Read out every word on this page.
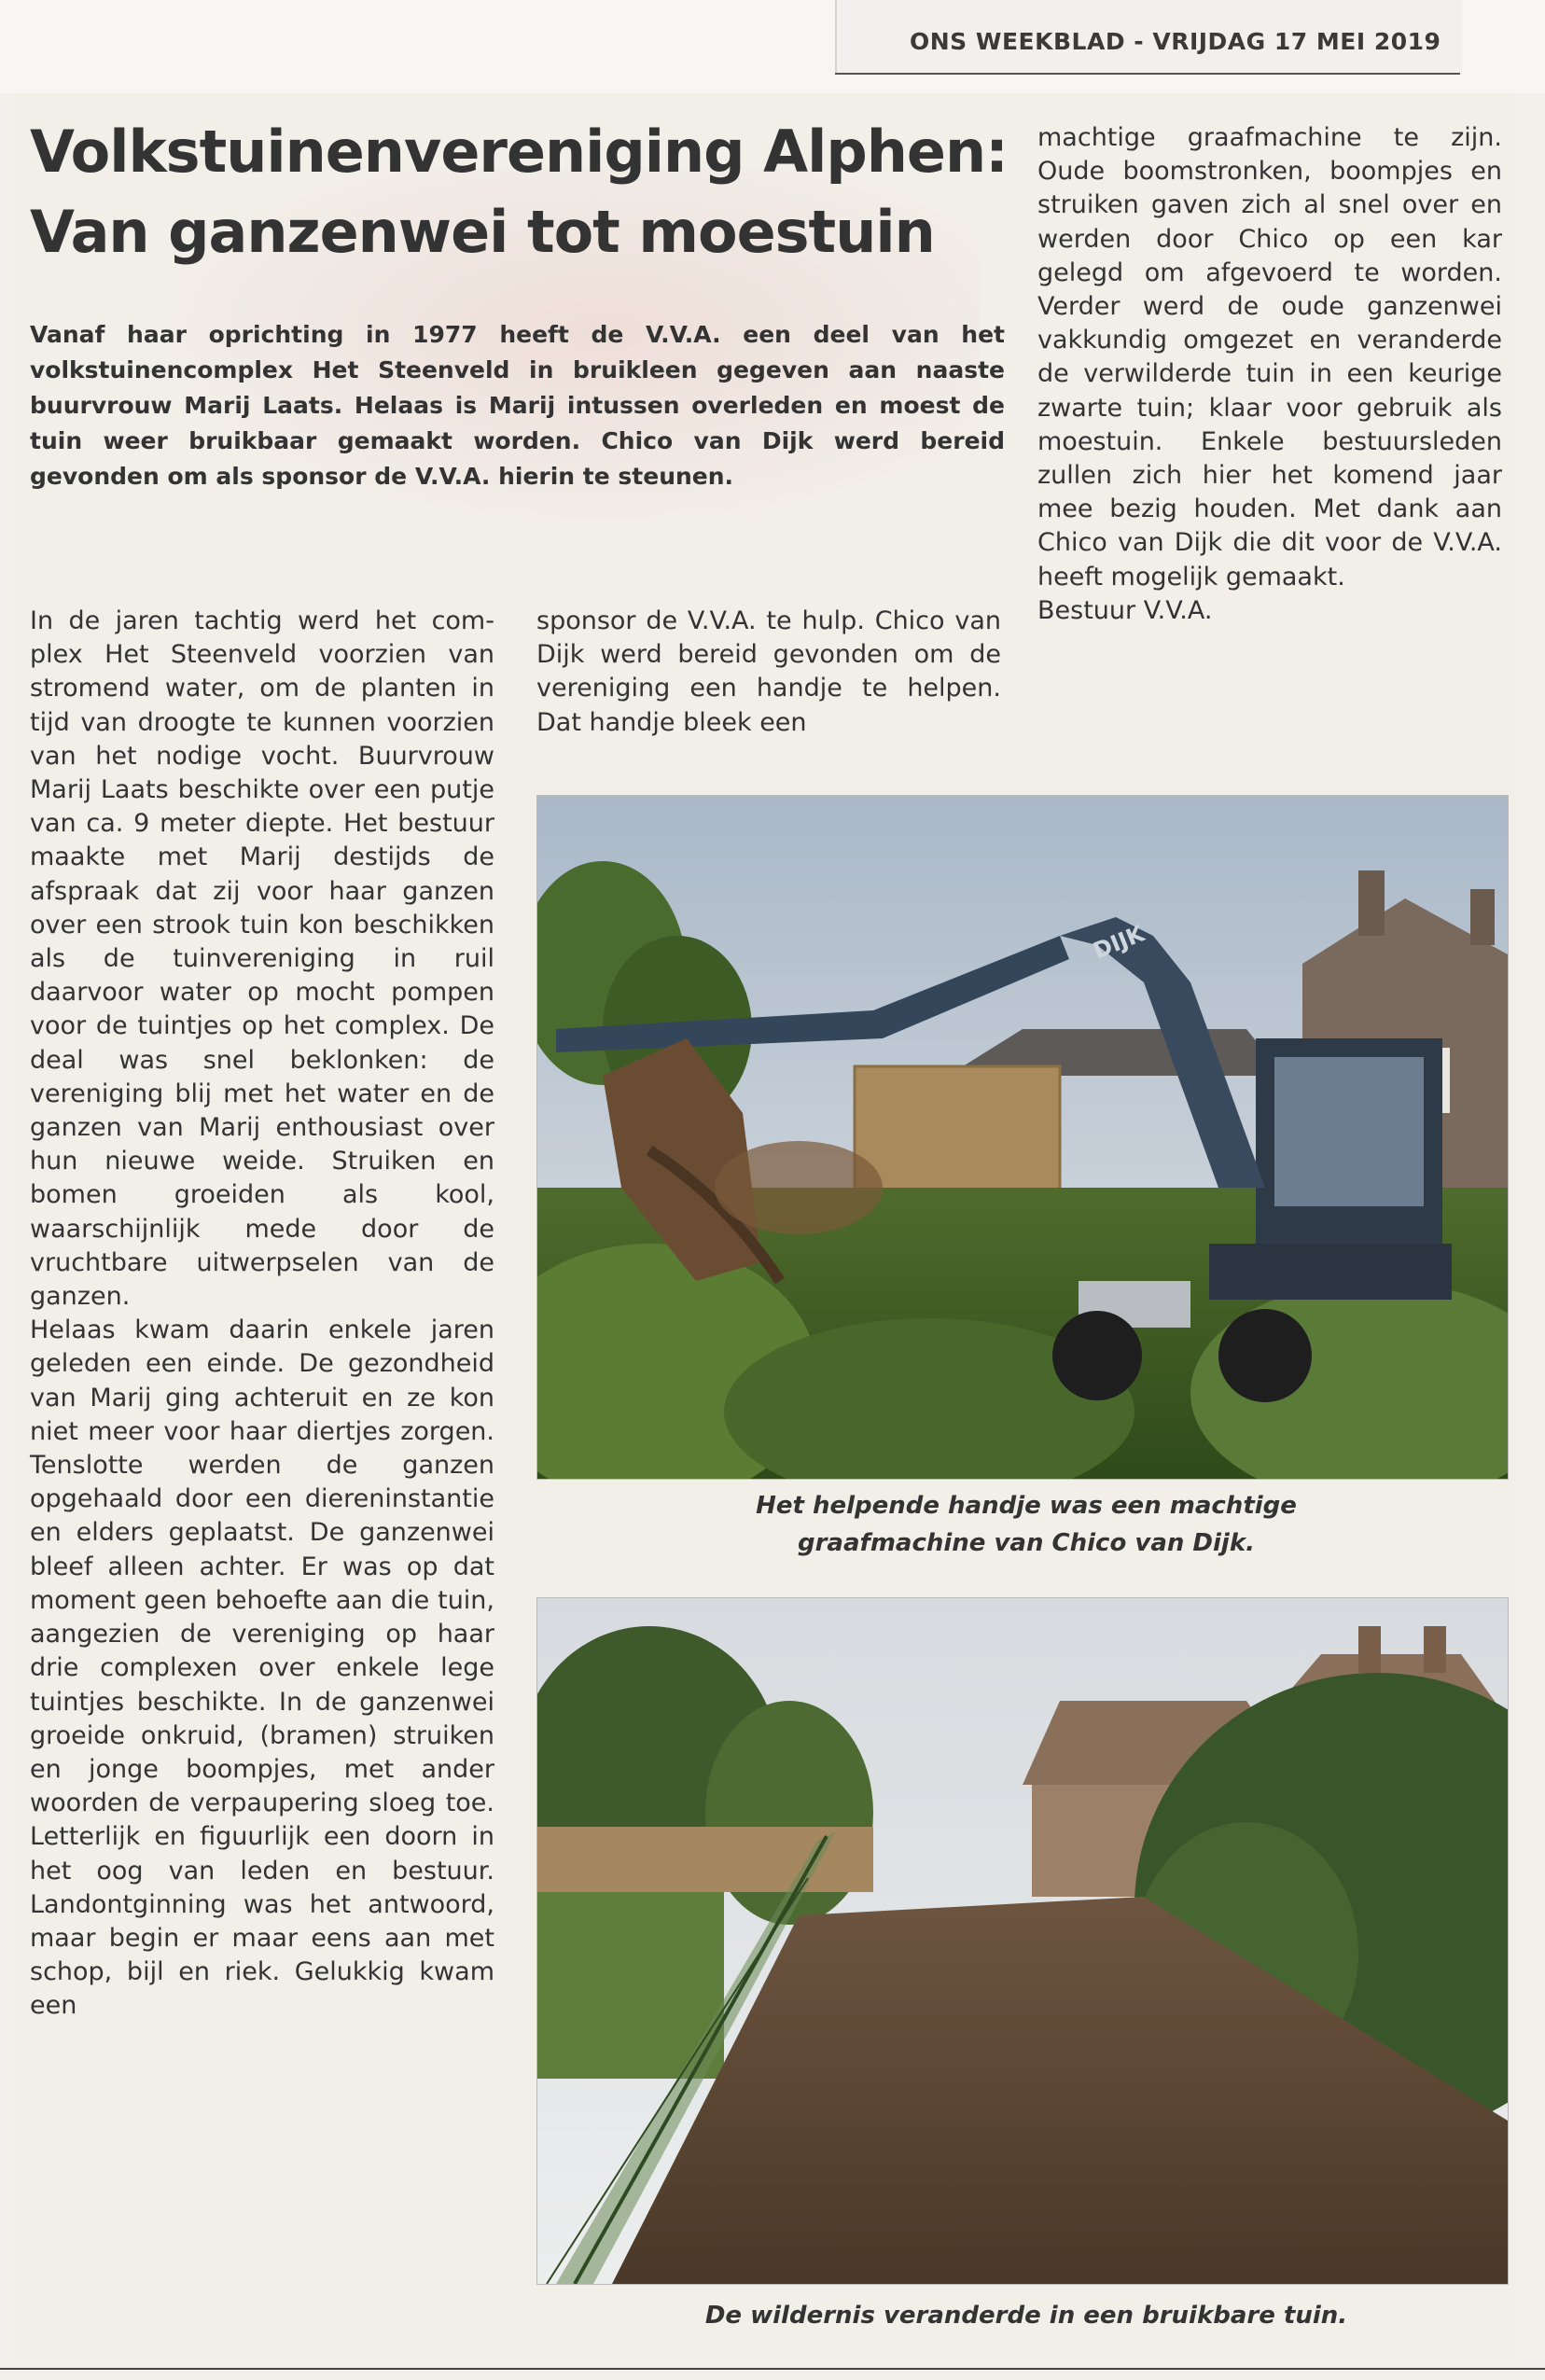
ONS WEEKBLAD - VRIJDAG 17 MEI 2019
Volkstuinenvereniging Alphen:
Van ganzenwei tot moestuin
Vanaf haar oprichting in 1977 heeft de V.V.A. een deel van het volkstuinencomplex Het Steenveld in bruikleen gegeven aan naaste buurvrouw Marij Laats. Helaas is Marij intussen overleden en moest de tuin weer bruikbaar gemaakt worden. Chico van Dijk werd bereid gevonden om als sponsor de V.V.A. hierin te steunen.

In de jaren tachtig werd het complex Het Steenveld voorzien van stromend water, om de planten in tijd van droogte te kunnen voorzien van het nodige vocht. Buurvrouw Marij Laats beschikte over een putje van ca. 9 meter diepte. Het bestuur maakte met Marij destijds de afspraak dat zij voor haar ganzen over een strook tuin kon beschikken als de tuinvereniging in ruil daarvoor water op mocht pompen voor de tuintjes op het complex. De deal was snel beklonken: de vereniging blij met het water en de ganzen van Marij enthousiast over hun nieuwe weide. Struiken en bomen groeiden als kool, waarschijnlijk mede door de vruchtbare uitwerpselen van de ganzen.

Helaas kwam daarin enkele jaren geleden een einde. De gezondheid van Marij ging achteruit en ze kon niet meer voor haar diertjes zorgen. Tenslotte werden de ganzen opgehaald door een diereninstantie en elders geplaatst. De ganzenwei bleef alleen achter. Er was op dat moment geen behoefte aan die tuin, aangezien de vereniging op haar drie complexen over enkele lege tuintjes beschikte. In de ganzenwei groeide onkruid, (bramen) struiken en jonge boompjes, met ander woorden de verpaupering sloeg toe. Letterlijk en figuurlijk een doorn in het oog van leden en bestuur. Landontginning was het antwoord, maar begin er maar eens aan met schop, bijl en riek. Gelukkig kwam een

sponsor de V.V.A. te hulp. Chico van Dijk werd bereid gevonden om de vereniging een handje te helpen. Dat handje bleek een

machtige graafmachine te zijn. Oude boomstronken, boompjes en struiken gaven zich al snel over en werden door Chico op een kar gelegd om afgevoerd te worden. Verder werd de oude ganzenwei vakkundig omgezet en veranderde de verwilderde tuin in een keurige zwarte tuin; klaar voor gebruik als moestuin. Enkele bestuursleden zullen zich hier het komend jaar mee bezig houden. Met dank aan Chico van Dijk die dit voor de V.V.A. heeft mogelijk gemaakt.

Bestuur V.V.A.

DIJK
Het helpende handje was een machtige
graafmachine van Chico van Dijk.
De wildernis veranderde in een bruikbare tuin.
